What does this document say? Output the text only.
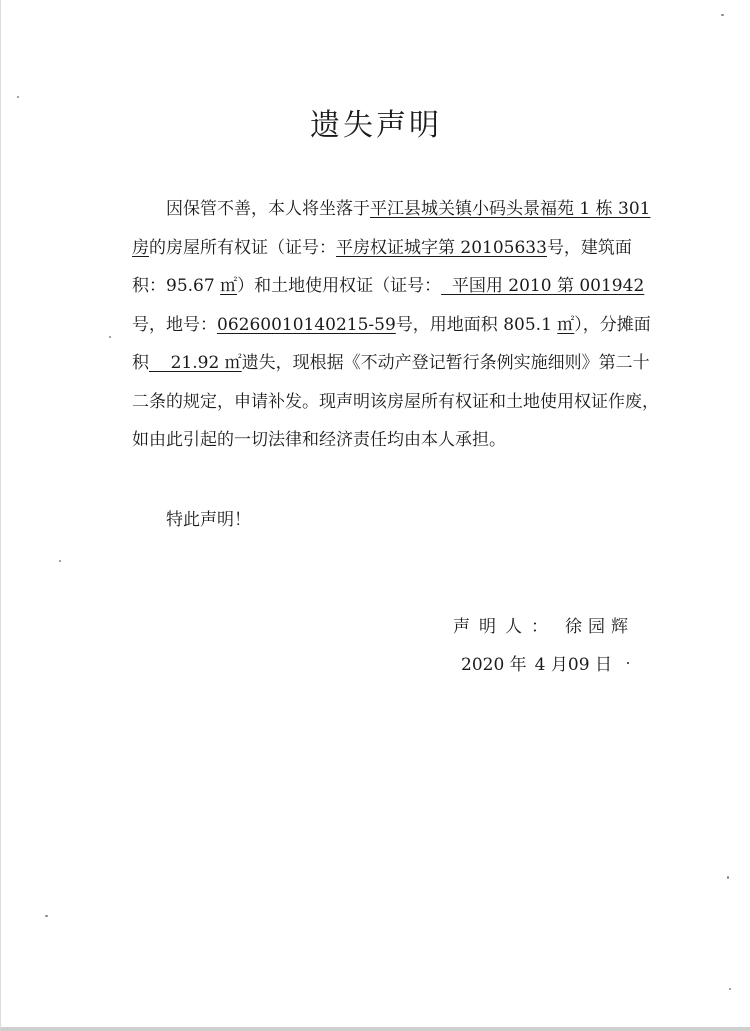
遗失声明

因保管不善，本人将坐落于平江县城关镇小码头景福苑 1 栋 301房的房屋所有权证（证号：平房权证城字第 20105633号，建筑面积：95.67 ㎡）和土地使用权证（证号：  平国用 2010 第 001942号，地号：06260010140215-59号，用地面积 805.1 ㎡），分摊面积    21.92 ㎡遗失，现根据《不动产登记暂行条例实施细则》第二十二条的规定，申请补发。现声明该房屋所有权证和土地使用权证作废，如由此引起的一切法律和经济责任均由本人承担。

特此声明！
声明人： 徐园辉
2020 年 4 月09 日
